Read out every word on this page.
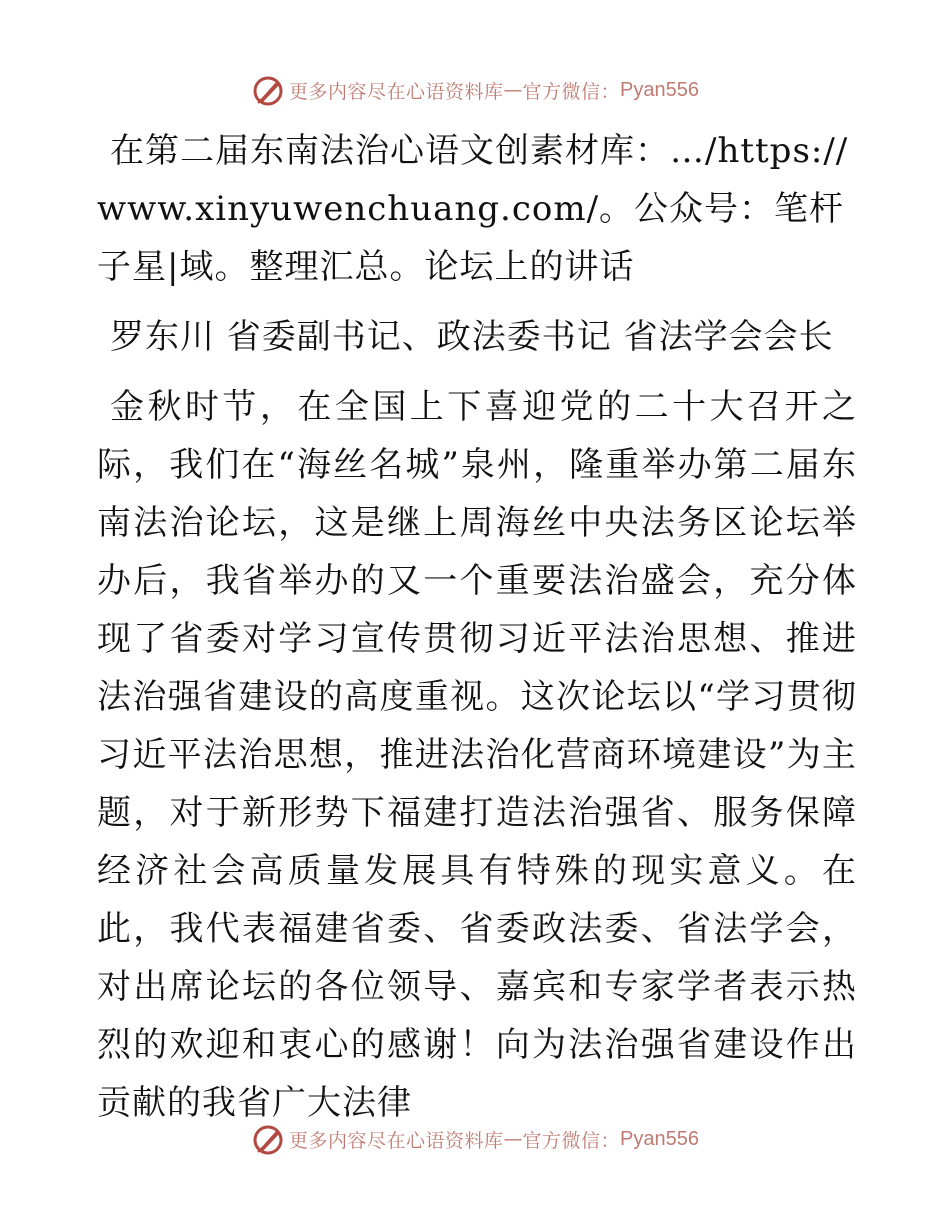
更多内容尽在心语资料库 — 官方微信： Pyan556

在第二届东南法治心语文创素材库：…/https://www.xinyuwenchuang.com/。公众号：笔杆子星|域。整理汇总。论坛上的讲话

罗东川 省委副书记、政法委书记 省法学会会长

金秋时节，在全国上下喜迎党的二十大召开之际，我们在“海丝名城”泉州，隆重举办第二届东南法治论坛，这是继上周海丝中央法务区论坛举办后，我省举办的又一个重要法治盛会，充分体现了省委对学习宣传贯彻习近平法治思想、推进法治强省建设的高度重视。这次论坛以“学习贯彻习近平法治思想，推进法治化营商环境建设”为主题，对于新形势下福建打造法治强省、服务保障经济社会高质量发展具有特殊的现实意义。在此，我代表福建省委、省委政法委、省法学会，对出席论坛的各位领导、嘉宾和专家学者表示热烈的欢迎和衷心的感谢！向为法治强省建设作出贡献的我省广大法律

更多内容尽在心语资料库 — 官方微信： Pyan556
